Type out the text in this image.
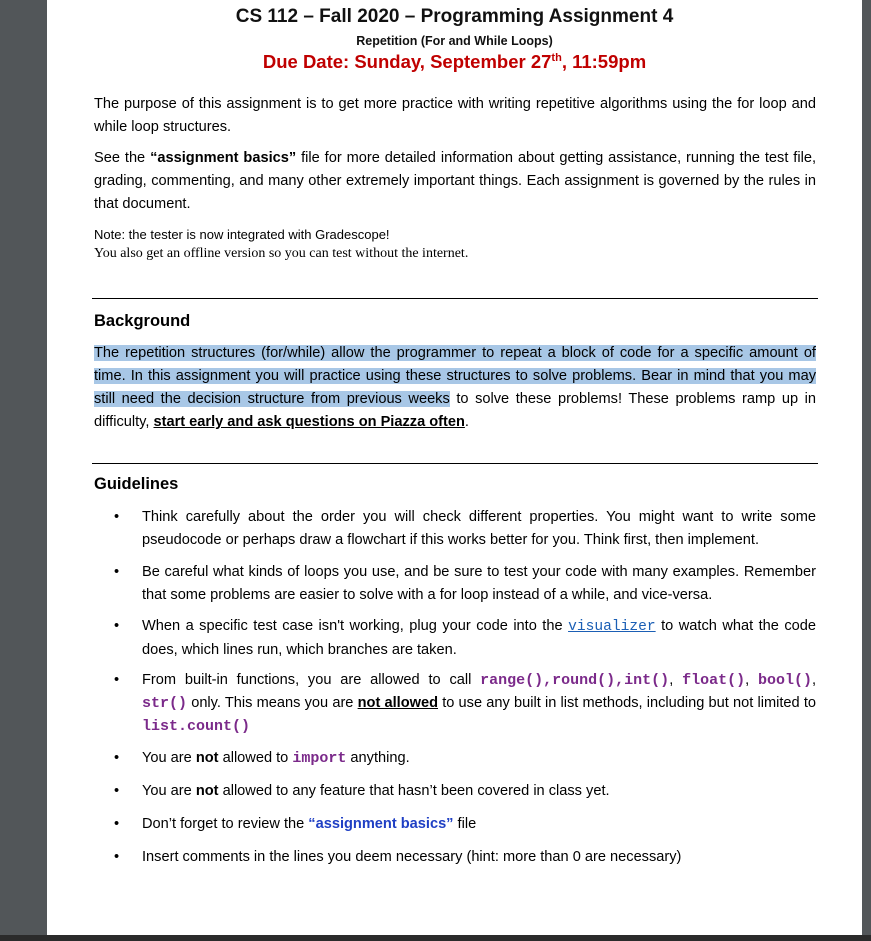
CS 112 – Fall 2020 – Programming Assignment 4
Repetition (For and While Loops)
Due Date: Sunday, September 27th, 11:59pm
The purpose of this assignment is to get more practice with writing repetitive algorithms using the for loop and while loop structures.
See the “assignment basics” file for more detailed information about getting assistance, running the test file, grading, commenting, and many other extremely important things. Each assignment is governed by the rules in that document.
Note: the tester is now integrated with Gradescope!
You also get an offline version so you can test without the internet.
Background
The repetition structures (for/while) allow the programmer to repeat a block of code for a specific amount of time. In this assignment you will practice using these structures to solve problems. Bear in mind that you may still need the decision structure from previous weeks to solve these problems! These problems ramp up in difficulty, start early and ask questions on Piazza often.
Guidelines
•	Think carefully about the order you will check different properties. You might want to write some pseudocode or perhaps draw a flowchart if this works better for you. Think first, then implement.
•	Be careful what kinds of loops you use, and be sure to test your code with many examples. Remember that some problems are easier to solve with a for loop instead of a while, and vice-versa.
•	When a specific test case isn't working, plug your code into the visualizer to watch what the code does, which lines run, which branches are taken.
•	From built-in functions, you are allowed to call range(),round(),int(), float(), bool(), str() only. This means you are not allowed to use any built in list methods, including but not limited to list.count()
•	You are not allowed to import anything.
•	You are not allowed to any feature that hasn’t been covered in class yet.
•	Don’t forget to review the “assignment basics” file
•	Insert comments in the lines you deem necessary (hint: more than 0 are necessary)
